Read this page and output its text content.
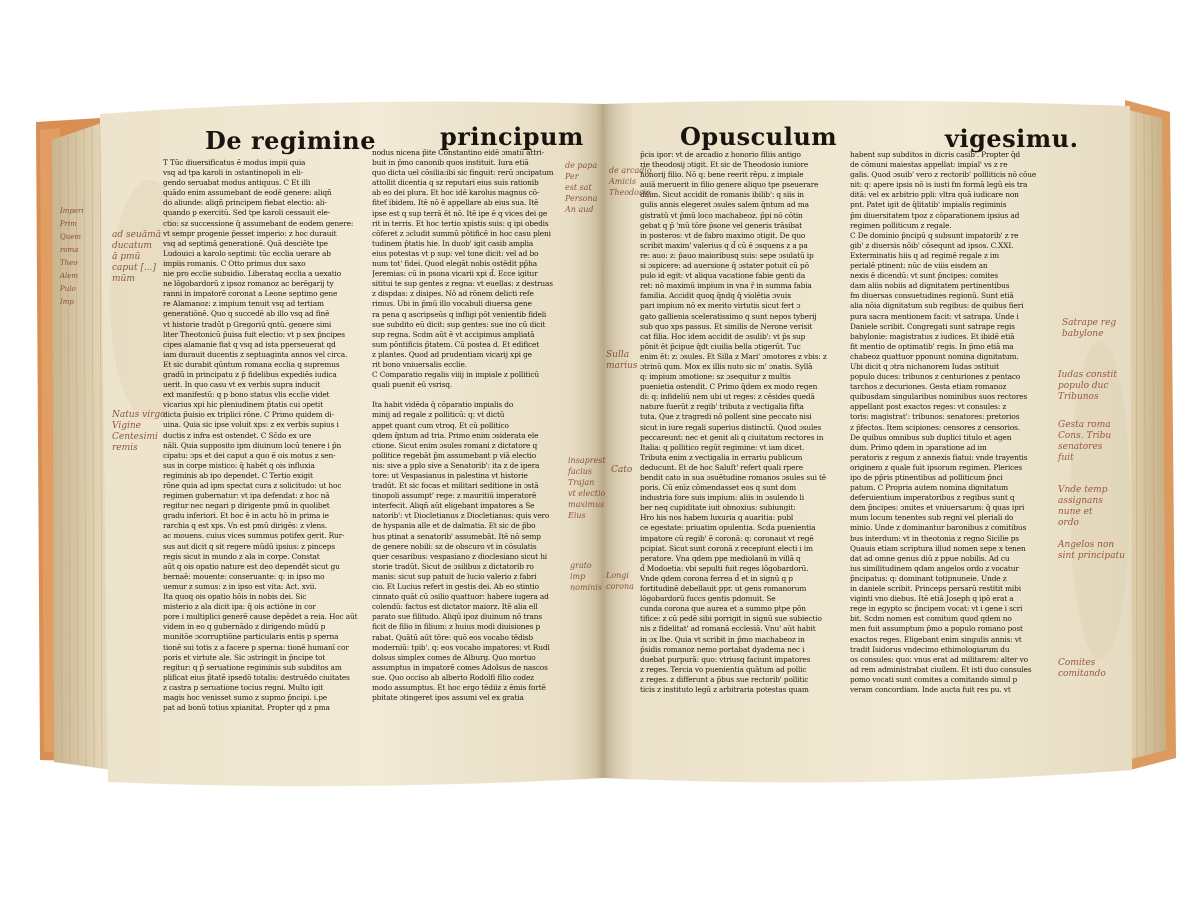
De regimine	principum	Opusculum	vigesimu.
T Tūc diuersificatus ē modus impii quia
vsq ad tpa karoli in ɔstantinopoli in eli-
gendo seruabat modus antiquus. C Et illi
quādo enim assumebant de eodē genere: aliqñ
do aliunde: aliqñ principem fiebat electio: ali-
quando p exercitū. Sed tpe karoli cessauit ele-
ctio: sz successione q̄ assumebant de eodem genere:
vt sempr progenie p̄esset imperio: z hoc durauit
vsq ad septimā generationē. Quā desciēte tpe
Ludouici a karolo septimi: tūc ecclia uerare ab
impiis romanis. C Otto primus dux saxo
nie pro ecclie subsidio. Liberataq ecclia a uexatio
ne lōgobardorū z ipsoz romanoz ac berēgarij ty
ranni in impatorē coronat a Leone septimo gene
re Alamanoz: z impium tenuit vsq ad tertiam
generatiōnē. Quo q succedē ab illo vsq ad finē
vt historie tradūt p Gregoriū qntū. genere simi
liter Theotonicū p̄uisa fuit electio: vt p sex p̄ncipes
cipes alamanie fiat q vsq ad ista pperseuerat qd
iam durauit ducentis z septuaginta annos vel circa.
Et sic durabit qūntum romana ecclia q supremus
gradū in principatu z p̄ fidelibus expediēs iudica
uerit. In quo casu vt ex verbis supra inducit
ext manifestū: q p bono status vlis ecclie videt
vicarius xpi hic pleniudinem p̄tatis cui ɔpetit
dicta p̄uisio ex triplici rōne. C Primo quidem di-
uina. Quia sic ipse voluit xps: z ex verbis supius i
ductis z infra est ostendet. C Sc̄do ex ure
nāli. Quia supposito ipm diuinum locū tenere i p̄n
cipatu: ɔps et dei caput a quo ē ois motus z sen-
sus in corpe mistico: q̄ habēt q ois influxia
regiminis ab ipo dependet. C Tertio exigit
rōne quia ad ipm spectat cura z solicitudo: ut hoc
regimen gubernatur: vt ipa defendat: z hoc nā
regitur nec negari p dirigente pmū in quolibet
gradu inferiori. Et hoc ē in actu hō in prima ie
rarchia q est xps. Vn est pmū dirigēs: z vlens.
ac mouens. cuius vices summus potifex gerit. Rur-
sus aut dicit q sit regere mūdū ipsius: z pinceps
regis sicut in mundo z ala in corpe. Constat
aūt q ois opatio nature est deo dependēt sicut gu
bernaē: mouente: conseruante: q: in ipso mo
uemur z sumus: z in ipso est vita: Act. xvii.
Ita quoq ois opatio hōis in nobis dei. Sic
misterio z ala dicit ipa: q̄ ois actiōne in cor
pore i multiplici generē cause depēdet a reia. Hoc aūt
videm in eo q gubernādo z dirigendo mūdū p
munitōe ɔcorruptiōne particularis entis p sperna
tionē sui totis z a facere p sperna: tionē humanī cor
poris et virtute ale. Sic ɔstringit in p̄ncipe tot
regitur: q p̄ seruatione regiminis sub subditos am
plificat eius p̄tatē ipsedō totalis: destruēdo ciuitates
z castra p seruatione tocius regni. Multo igit
magis hoc venisset sumo z supmo p̄ncipi. i.pe
pat ad bonū totius xpianitat. Propter qd z pma
nodus nicena p̄ite Constantino eidē ɔmatū attri-
buit in p̄mo canonib quos instituit. Iura etiā
quo dicta uel cōsilia:ibi sic finguit: rerū ɔncipatum
attollit dicentia q sz reputari eius suis rationib
ab eo dei plura. Et hoc idē karolus magnus cō-
fiteť ibidem. Itē nō ē appellare ab eius sua. Itē
ipse est q sup terrā ēt nō. Itē ipe ē q vices dei ge
rit in terris. Et hoc tertio xpistis suis: q ipi obedis
cōferet z ɔcludit summū pōtificē in hoc casu pleni
tudinem p̄tatis hie. In duob' igit casib amplia
eius potestas vt p sup: vel tone dicit: vel ad bo
num tot' fidei. Quod elegāt nobis ostēdit pp̄ha
Jeremias: cū in psona vicarii xpi d̄. Ecce igitur
sititui te sup gentes z regna: vt euellas: z destruas
z dispdas: z disipes. Nō ad rōnem delicti refe
rimus. Ubi in p̄mū illo vocabuli diuersa gene
ra pena q ascripseūs q infligi pōt venientib fideli
sue subdito eū dicit: sup gentes: sue ino cū dicit
sup regna. Scdm aūt ē vt accipimus ampliatā
sum pōntificis p̄tatem. Cū postea d. Et edificet
z plantes. Quod ad prudentiam vicarij xpi ge
rit bono vniuersalis ecclie.
C Comparatio regalis viiij in impiale z polliticū
quali puenit eū vsrisq.

Ita habit vidēda q̄ cōparatio impialis do
minij ad regale z polliticū: q: vt dictū
appet quant cum vtroq. Et cū pollitico
qdem q̄ntum ad tria. Primo enim ɔsiderata ele
ctione. Sicut enim ɔsules romani z dictatore q
pollitice regebāt p̄m assumebant p viā electio
nis: sive a pplo sive a Senatorib': ita z de ipera
tore: ut Vespasianus in palestina vt historie
tradūt. Et sic focas et militari seditione in ɔstā
tinopoli assumpt' rege: z mauritiū imperatorē
interfecit. Aliqñ aūt eligebant impatores a Se
natorib': vt Diocletianus z Diocletianus: quis vero
de hyspania alle et de dalmatia. Et sic de p̄bo
hus ptinat a senatorib' assumebāt. Itē nō semp
de genere nobili: sz de obscuro vt in cōsulatis
quer cesaribus: vespasiano z dioclesiano sicut hi
storie tradūt. Sicut de ɔsilibus z dictatorib ro
manis: sicut sup patuit de lucio valerio z fabri
cio. Et Lucius refert in gestis dei. Ab eo stintio
cinnato quāt cū ɔsilio quattuor: habere iugera ad
colendū: factus est dictator maiorz. Itē alia ell
parato sue filitudo. Aliqū ipoz diuinum nō trans
ficit de filio in filium: z huius modi diuisiones p
rabat. Quātū aūt tōre: quō eos vocabo tēdisb
moderniū: tpib'. q: eos vocabo impatores: vt Rudl
dolsus simplex comes de Alburg. Quo mortuo
assumptus in impatorē comes Adolsus de nascos
sue. Quo occiso ab alberto Rodolfi filio codez
modo assumptus. Et hoc ergo tēdiiz z ēmis fortē
pbitate ɔtingeret ipos assumi vel ex gratia
p̄cis ipor: vt de arcadio z honorio filiis antigo
rie theodosij ɔtigit. Et sic de Theodosio iuniore
honorij filio. Nō q: bene reerit rēpu. z impiale
auiā meruerit in filio genere aliquo tpe pseuerare
dilim. Sicut accidit de romanis ibilib': q siis in
gulis annis elegeret ɔsules salem q̄ntum ad ma
gistratū vt p̄mū loco machabeoz. p̄pi nō cōtin
gebat q p̄ 'mū tōre p̄sone vel generis trāsibat
in posteros: vt de fabro maximo ɔtigit. De quo
scribit maxim' valerius q d̄ cū ē ɔsquens z a pa
re: auo: z: p̄auo maioribusq suis: sepe ɔsulatū ip
si ɔspicere: ad auersione q̄ ɔstater potuit cū pō
pulo id egit: vt aliqua vacatione fabie genti da
ret: nō maximū impium in vna r̄ in summa fabia
familia. Accidit quoq q̄ndq q̄ violētia ɔvuix
pari impium nō ex merito virtutis sicut fert ɔ
gato gallienia sceleratissimo q sunt nepos tyberij
sub quo xps passus. Et similis de Nerone verisit
cat filia. Hoc idem accidit de ɔsulib': vt p̄s sup
pōnit ēt p̄cipue q̄dt ciuilia bella ɔtigerūt. Tuc
enim ēt: z: ɔsules. Et Silla z Mari' ɔmotores z vbis: z
ɔtrinū qum. Mox ex illis nuto sic m' ɔnatis. Syllā
q: impium ɔmotione: sz ɔsequitur z multis
puenietia ostendit. C Primo q̄dem ex modo regen
di: q: infideliū nem ubi ut reges: z cēsides quedā
nature fuerūt z regib' tributa z vectigalia fifta
tuta. Que z tragredi nō pollent sine peccato nisi
sicut in iure regali superius distinctū. Quod ɔsules
peccareunt: nec et genit ali q ciuitatum rectores in
Italia: q pollitico regūt regimine: vt iam dicet.
Tributa enim z vectigalia in errariu publicum
deducunt. Et de hoc Saluſt' refert quali rpere
bendit cato in sua ɔsuētudine romanos ɔsules sui tē
poris. Cū enīz cōmendasset eos q sunt dom
industria fore suis impium: aliis in ɔsulendo li
ber neq cupiditate iuit obnoxius: subiungit:
Hro his nos habem luxuria q auaritia: publ
ce egestate: priuatim opulentia. Scda puenientia
impatore cū regib' ē coronā: q: coronaut vt regē
pcipiat. Sicut sunt coronā z recepiunt electi i im
peratore. Vna qdem ppe mediolanū in villā q
d̄ Modoetia: vbi sepulti fuit reges lōgobardorū.
Vnde qdem corona ferrea d̄ et in signū q p
fortitudinē debellauit ppr. ut gens romanorum
lōgobardorū fuccs gentis pdomuit. Se
cunda corona que aurea et a summo ptpe pōn
tifice: z cū pedē sibi porrigit in signū sue subiectio
nis z fidelitat' ad romanā ecclesiā. Vnu' aūt habit
in ɔx lbe. Quia vt scribit in p̄mo machabeoz in
p̄sidis romanoz nemo portabat dyadema nec i
duebat purpurā: quo: vtriusq faciunt impatores
z reges. Tercia vo puenientia quātum ad pollic
z reges. z differunt a p̄bus sue rectorib' pollitic
ticis z instituto legū z arbitraria potestas quam
habent sup subditos in dicris casib'. Propter q̄d
de cōmuni maiestas appellat: impial' vs z re
galis. Quod ɔsuib' vero z rectorib' pollliticis nō cōue
nit: q: apere ipsis nō is iusti fm formā legū eis tra
ditā: vel ex arbitrio ppli: vltra quā iudicare non
pnt. Patet igit de q̄litatib' impialis regiminis
p̄m diuersitatem tpoz z cōparationem ipsius ad
regimen polliticum z regale.
C De dominio p̄ncipū q subsunt impatorib' z re
gib' z diuersis nōib' cōsequnt ad ipsos. C.XXI.
Exterminatis hiis q ad regimē regale z im
perialē ptinent: nūc de viiis eisdem an
nexis ē dicendū: vt sunt p̄ncipes: comites
dam aliis nobiis ad dignitatem pertinentibus
fm diuersas consuetudines regionū. Sunt etiā
alia nōia dignitatum sub regibus: de quibus fieri
pura sacra mentionem facit: vt satrapa. Unde i
Daniele scribit. Congregati sunt satrape regis
babylonie: magistratus z iudices. Et ibidē etiā
fit mentio de optimatib' regis. In p̄mo etiā ma
chabeoz quattuor pponunt nomina dignitatum.
Ubi dicit q ɔtra nichanorem Iudas ɔstituit
populo duces: tribunos z centuriones z pentaco
tarchos z decuriones. Gesta etiam romanoz
quibusdam singularibus nominibus suos rectores
appellant post exactos reges: vt consules: z
toris: magistrat': tribunos: senatores: pretorios
z p̄fectos. Item scipiones: censores z censorios.
De quibus omnibus sub duplici titulo et agen
dum. Primo qdem in ɔparatione ad im
peratoris z regum z annexis fiatui: vnde trayentis
originem z quale fuit ipsorum regimen. Plerices
ipo de pp̄ris ptinentibus ad polliticum p̄nci
patum. C Propria autem nomina dignitatum
deferuientium imperatoribus z regibus sunt q
dem p̄ncipes: ɔmites et vniuersarum: q̄ quas ipri
mum locum tenentes sub regni vel pleriali do
minio. Unde z dominantur baronibus z comitibus
bus interdum: vt in theotonia z regno Sicilie ps
Quauis etiam scriptura illud nomen sepe x tenen
dat ad omne genus diū z ppue nobilis. Ad cu
ius similitudinem qdam angelos ordo z vocatur
p̄ncipatus: q: dominant totipnuneie. Unde z
in daniele scribit. Princeps persarū restitit mibi
viginti vno diebus. Itē etiā Joseph q ipō erat a
rege in egypto sc p̄ncipem vocat: vt i gene i scri
bit. Scdm nomen est comitum quod qdem no
men fuit assumptum p̄mo a populo romano post
exactos reges. Eligebant enim singulis annis: vt
tradit Isidorus vndecimo ethimologiarum du
os consules: quo: vnus erat ad militarem: alter vo
ad rem administrabat ciuilem. Et isti duo consules
pomo vocati sunt comites a comitando simul p
veram concordiam. Inde aucta fuit res pu. vt
Imperi
Prim
Quem
roma
Theo
Alem
Pulo
Imp
ad seuāmā
ducatum
ā pmū
caput [...]
mūm
Natus virgo
Vigine
Centesimi
remis
de papa
Per
est sat
Persona
An aud
de arcadio
Amicis
Theodosio
Sulla
marius
Cato
insaprest
facius
Trajan
vt electio
maximus
Eius
grato
imp
nominis
Longi
corona
Satrape reg
babylone
Iudas constit
populo duc
Tribunos
Gesta roma
Cons. Tribu
senatores
fuit
Vnde temp
assignans
nune et
ordo
Angelos non
sint principatu
Comites
comitando
